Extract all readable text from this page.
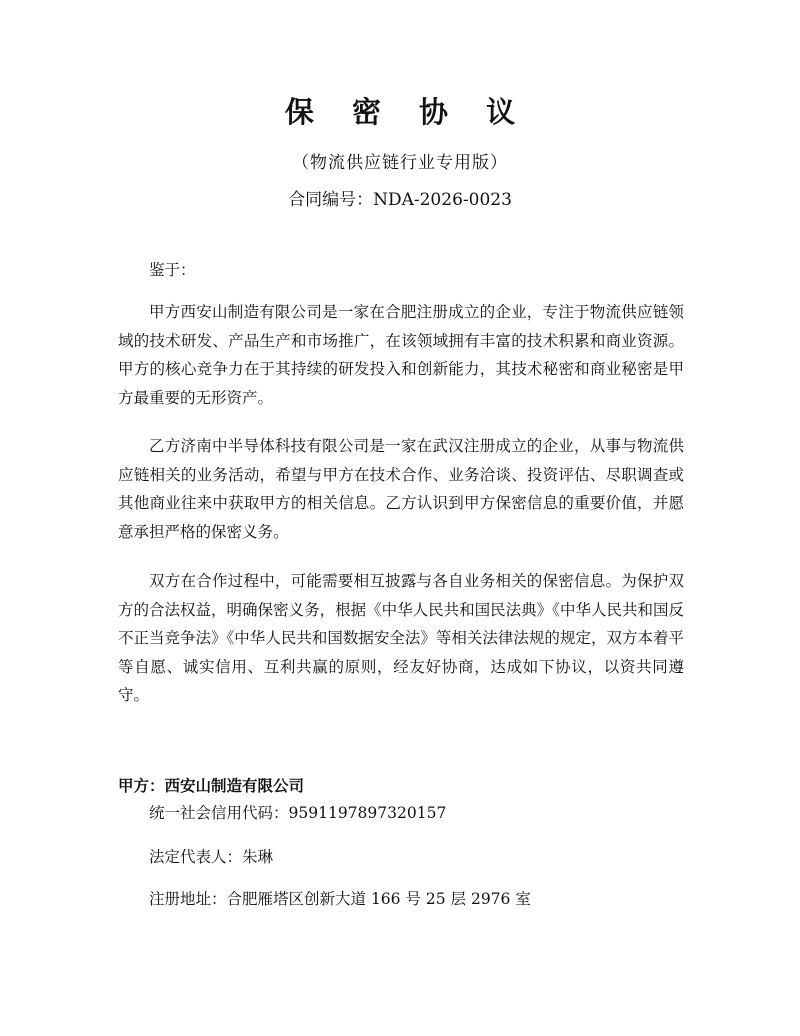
保 密 协 议
（物流供应链行业专用版）
合同编号：NDA-2026-0023

鉴于：

甲方西安山制造有限公司是一家在合肥注册成立的企业，专注于物流供应链领域的技术研发、产品生产和市场推广，在该领域拥有丰富的技术积累和商业资源。甲方的核心竞争力在于其持续的研发投入和创新能力，其技术秘密和商业秘密是甲方最重要的无形资产。

乙方济南中半导体科技有限公司是一家在武汉注册成立的企业，从事与物流供应链相关的业务活动，希望与甲方在技术合作、业务洽谈、投资评估、尽职调查或其他商业往来中获取甲方的相关信息。乙方认识到甲方保密信息的重要价值，并愿意承担严格的保密义务。

双方在合作过程中，可能需要相互披露与各自业务相关的保密信息。为保护双方的合法权益，明确保密义务，根据《中华人民共和国民法典》《中华人民共和国反不正当竞争法》《中华人民共和国数据安全法》等相关法律法规的规定，双方本着平等自愿、诚实信用、互利共赢的原则，经友好协商，达成如下协议，以资共同遵守。

甲方：西安山制造有限公司
统一社会信用代码：9591197897320157
法定代表人：朱琳
注册地址：合肥雁塔区创新大道 166 号 25 层 2976 室
